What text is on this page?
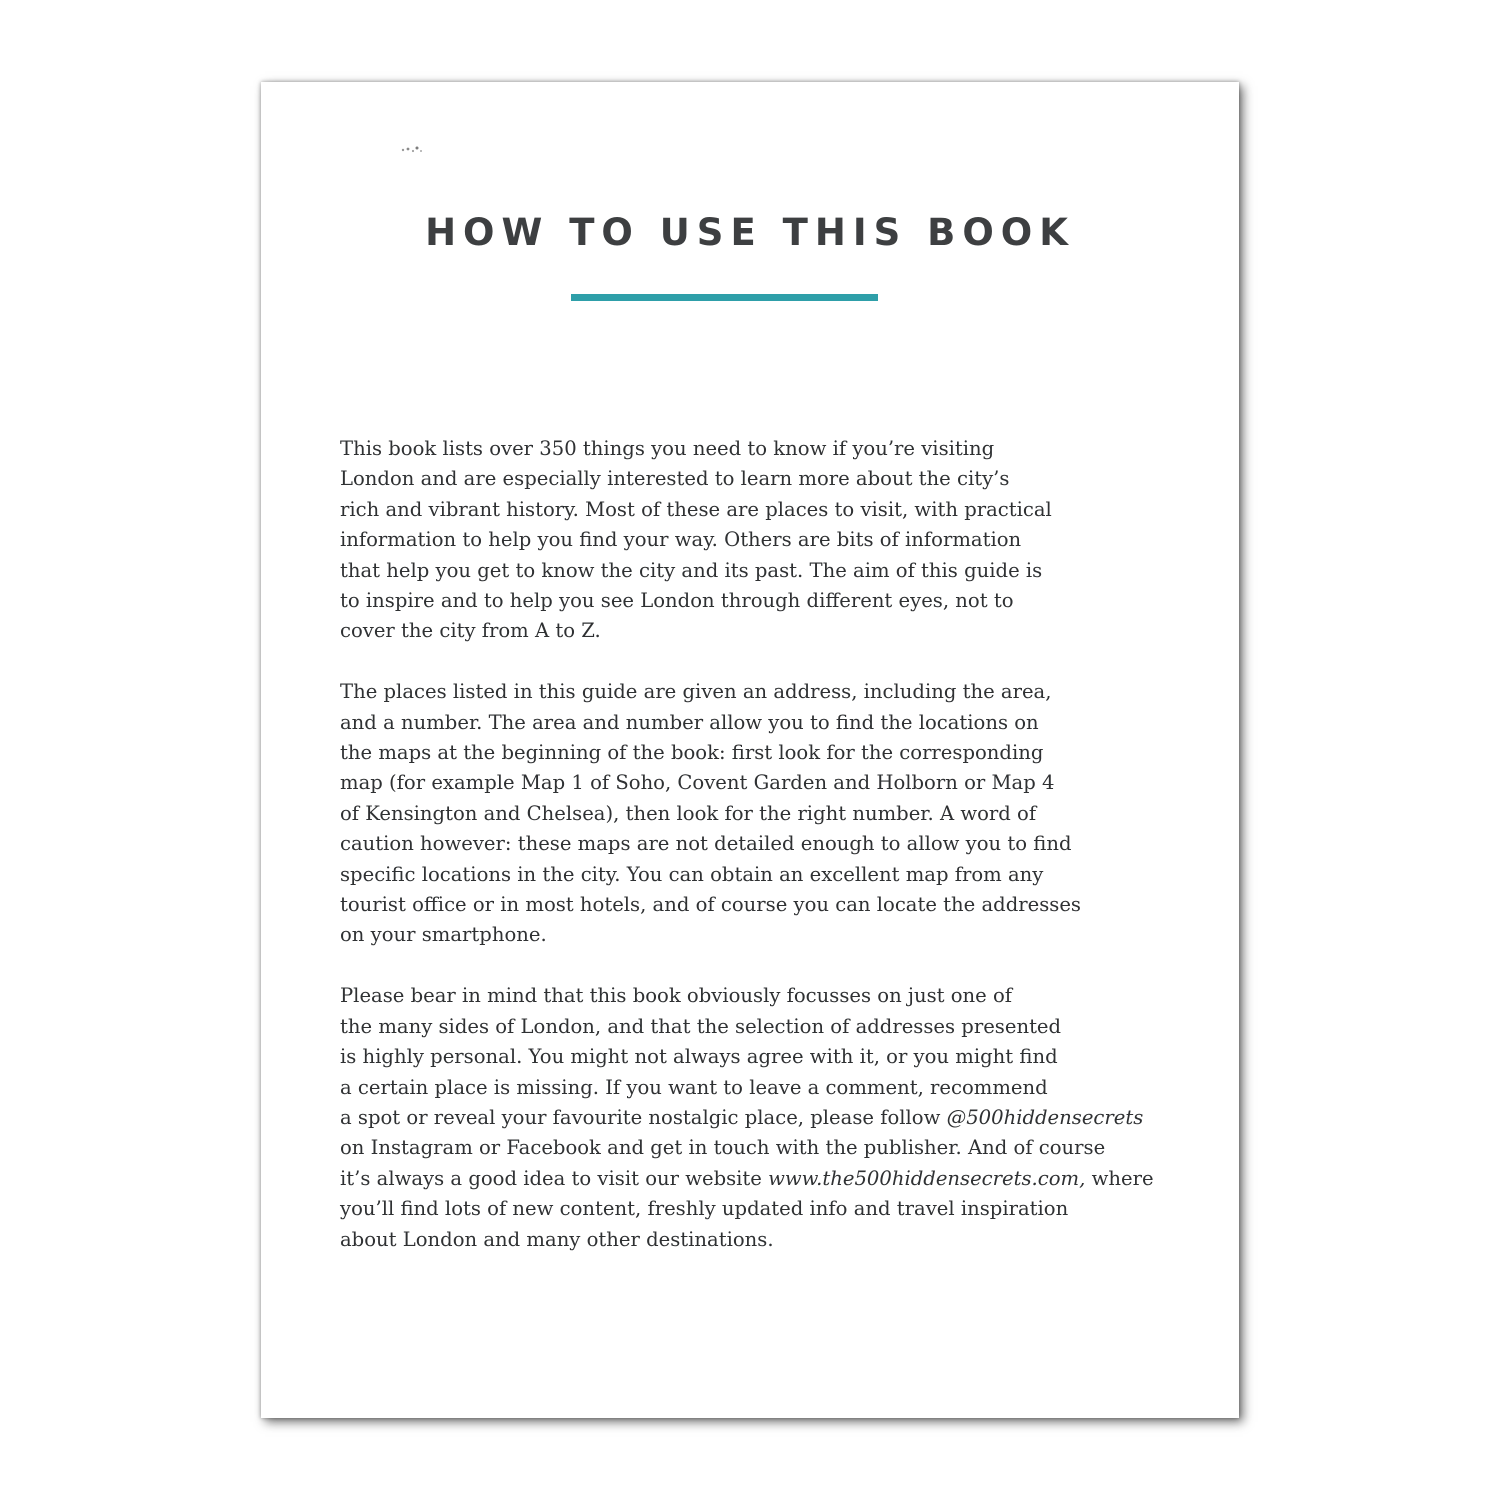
HOW TO USE THIS BOOK

This book lists over 350 things you need to know if you’re visiting
London and are especially interested to learn more about the city’s
rich and vibrant history. Most of these are places to visit, with practical
information to help you find your way. Others are bits of information
that help you get to know the city and its past. The aim of this guide is
to inspire and to help you see London through different eyes, not to
cover the city from A to Z.

The places listed in this guide are given an address, including the area,
and a number. The area and number allow you to find the locations on
the maps at the beginning of the book: first look for the corresponding
map (for example Map 1 of Soho, Covent Garden and Holborn or Map 4
of Kensington and Chelsea), then look for the right number. A word of
caution however: these maps are not detailed enough to allow you to find
specific locations in the city. You can obtain an excellent map from any
tourist office or in most hotels, and of course you can locate the addresses
on your smartphone.

Please bear in mind that this book obviously focusses on just one of
the many sides of London, and that the selection of addresses presented
is highly personal. You might not always agree with it, or you might find
a certain place is missing. If you want to leave a comment, recommend
a spot or reveal your favourite nostalgic place, please follow @500hiddensecrets
on Instagram or Facebook and get in touch with the publisher. And of course
it’s always a good idea to visit our website www.the500hiddensecrets.com, where
you’ll find lots of new content, freshly updated info and travel inspiration
about London and many other destinations.
